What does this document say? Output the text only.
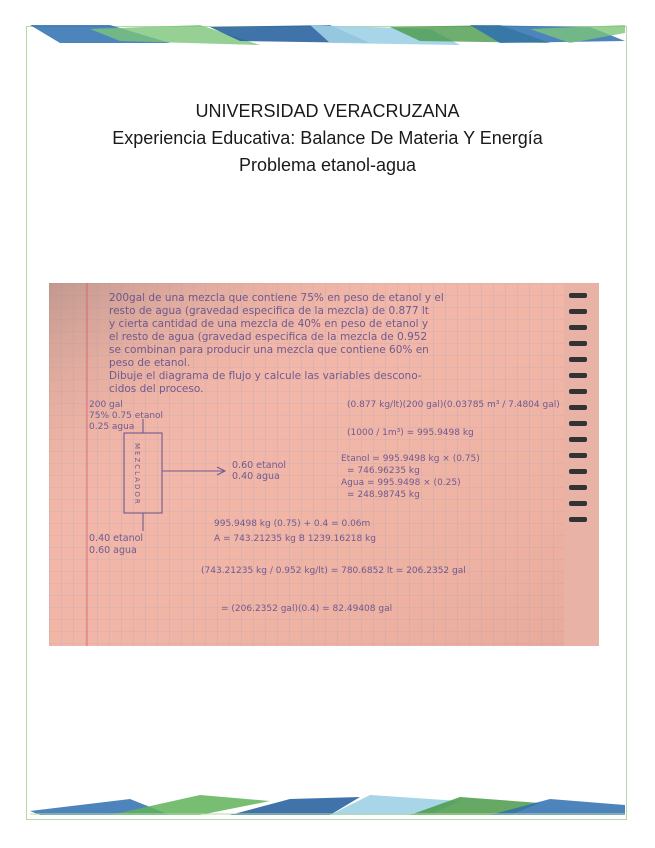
UNIVERSIDAD VERACRUZANA
Experiencia Educativa: Balance De Materia Y Energía
Problema etanol-agua
200gal de una mezcla que contiene 75% en peso de etanol y el
resto de agua (gravedad especifica de la mezcla) de 0.877 lt
y cierta cantidad de una mezcla de 40% en peso de etanol y
el resto de agua (gravedad especifica de la mezcla de 0.952
se combinan para producir una mezcla que contiene 60% en
peso de etanol.
Dibuje el diagrama de flujo y calcule las variables descono-
cidos del proceso.
200 gal
75% 0.75 etanol
0.25 agua
MEZCLADOR	0.60 etanol
0.40 agua
0.40 etanol
0.60 agua
(0.877 kg/lt)(200 gal)(0.03785 m³ / 7.4804 gal)
(1000 / 1m³) = 995.9498 kg
Etanol = 995.9498 kg × (0.75)
= 746.96235 kg
Agua = 995.9498 × (0.25)
= 248.98745 kg
995.9498 kg (0.75) + 0.4 = 0.06m
A = 743.21235 kg B 1239.16218 kg
(743.21235 kg / 0.952 kg/lt) = 780.6852 lt = 206.2352 gal
= (206.2352 gal)(0.4) = 82.49408 gal
